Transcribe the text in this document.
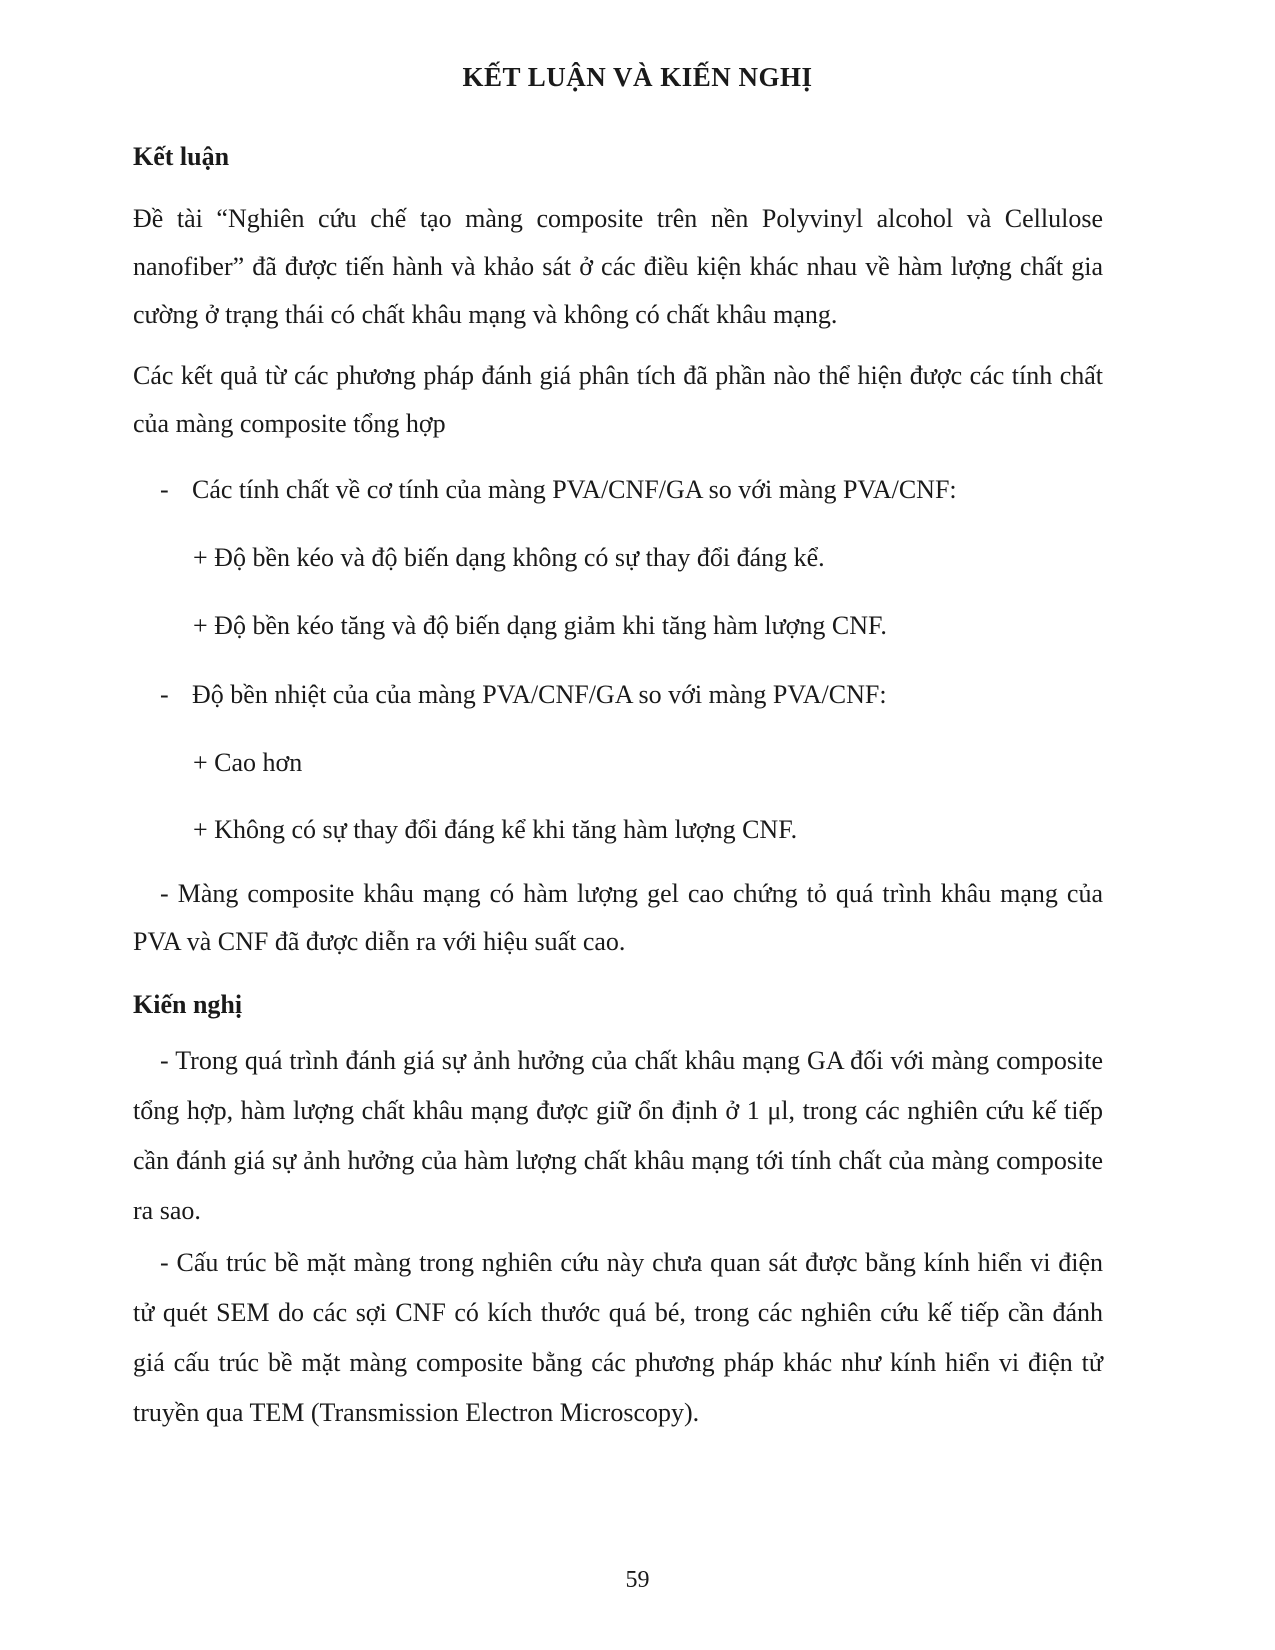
KẾT LUẬN VÀ KIẾN NGHỊ
Kết luận
Đề tài “Nghiên cứu chế tạo màng composite trên nền Polyvinyl alcohol và Cellulose nanofiber” đã được tiến hành và khảo sát ở các điều kiện khác nhau về hàm lượng chất gia cường ở trạng thái có chất khâu mạng và không có chất khâu mạng.
Các kết quả từ các phương pháp đánh giá phân tích đã phần nào thể hiện được các tính chất của màng composite tổng hợp
- Các tính chất về cơ tính của màng PVA/CNF/GA so với màng PVA/CNF:
+ Độ bền kéo và độ biến dạng không có sự thay đổi đáng kể.
+ Độ bền kéo tăng và độ biến dạng giảm khi tăng hàm lượng CNF.
- Độ bền nhiệt của của màng PVA/CNF/GA so với màng PVA/CNF:
+ Cao hơn
+ Không có sự thay đổi đáng kể khi tăng hàm lượng CNF.
- Màng composite khâu mạng có hàm lượng gel cao chứng tỏ quá trình khâu mạng của PVA và CNF đã được diễn ra với hiệu suất cao.
Kiến nghị
- Trong quá trình đánh giá sự ảnh hưởng của chất khâu mạng GA đối với màng composite tổng hợp, hàm lượng chất khâu mạng được giữ ổn định ở 1 μl, trong các nghiên cứu kế tiếp cần đánh giá sự ảnh hưởng của hàm lượng chất khâu mạng tới tính chất của màng composite ra sao.
- Cấu trúc bề mặt màng trong nghiên cứu này chưa quan sát được bằng kính hiển vi điện tử quét SEM do các sợi CNF có kích thước quá bé, trong các nghiên cứu kế tiếp cần đánh giá cấu trúc bề mặt màng composite bằng các phương pháp khác như kính hiển vi điện tử truyền qua TEM (Transmission Electron Microscopy).
59
